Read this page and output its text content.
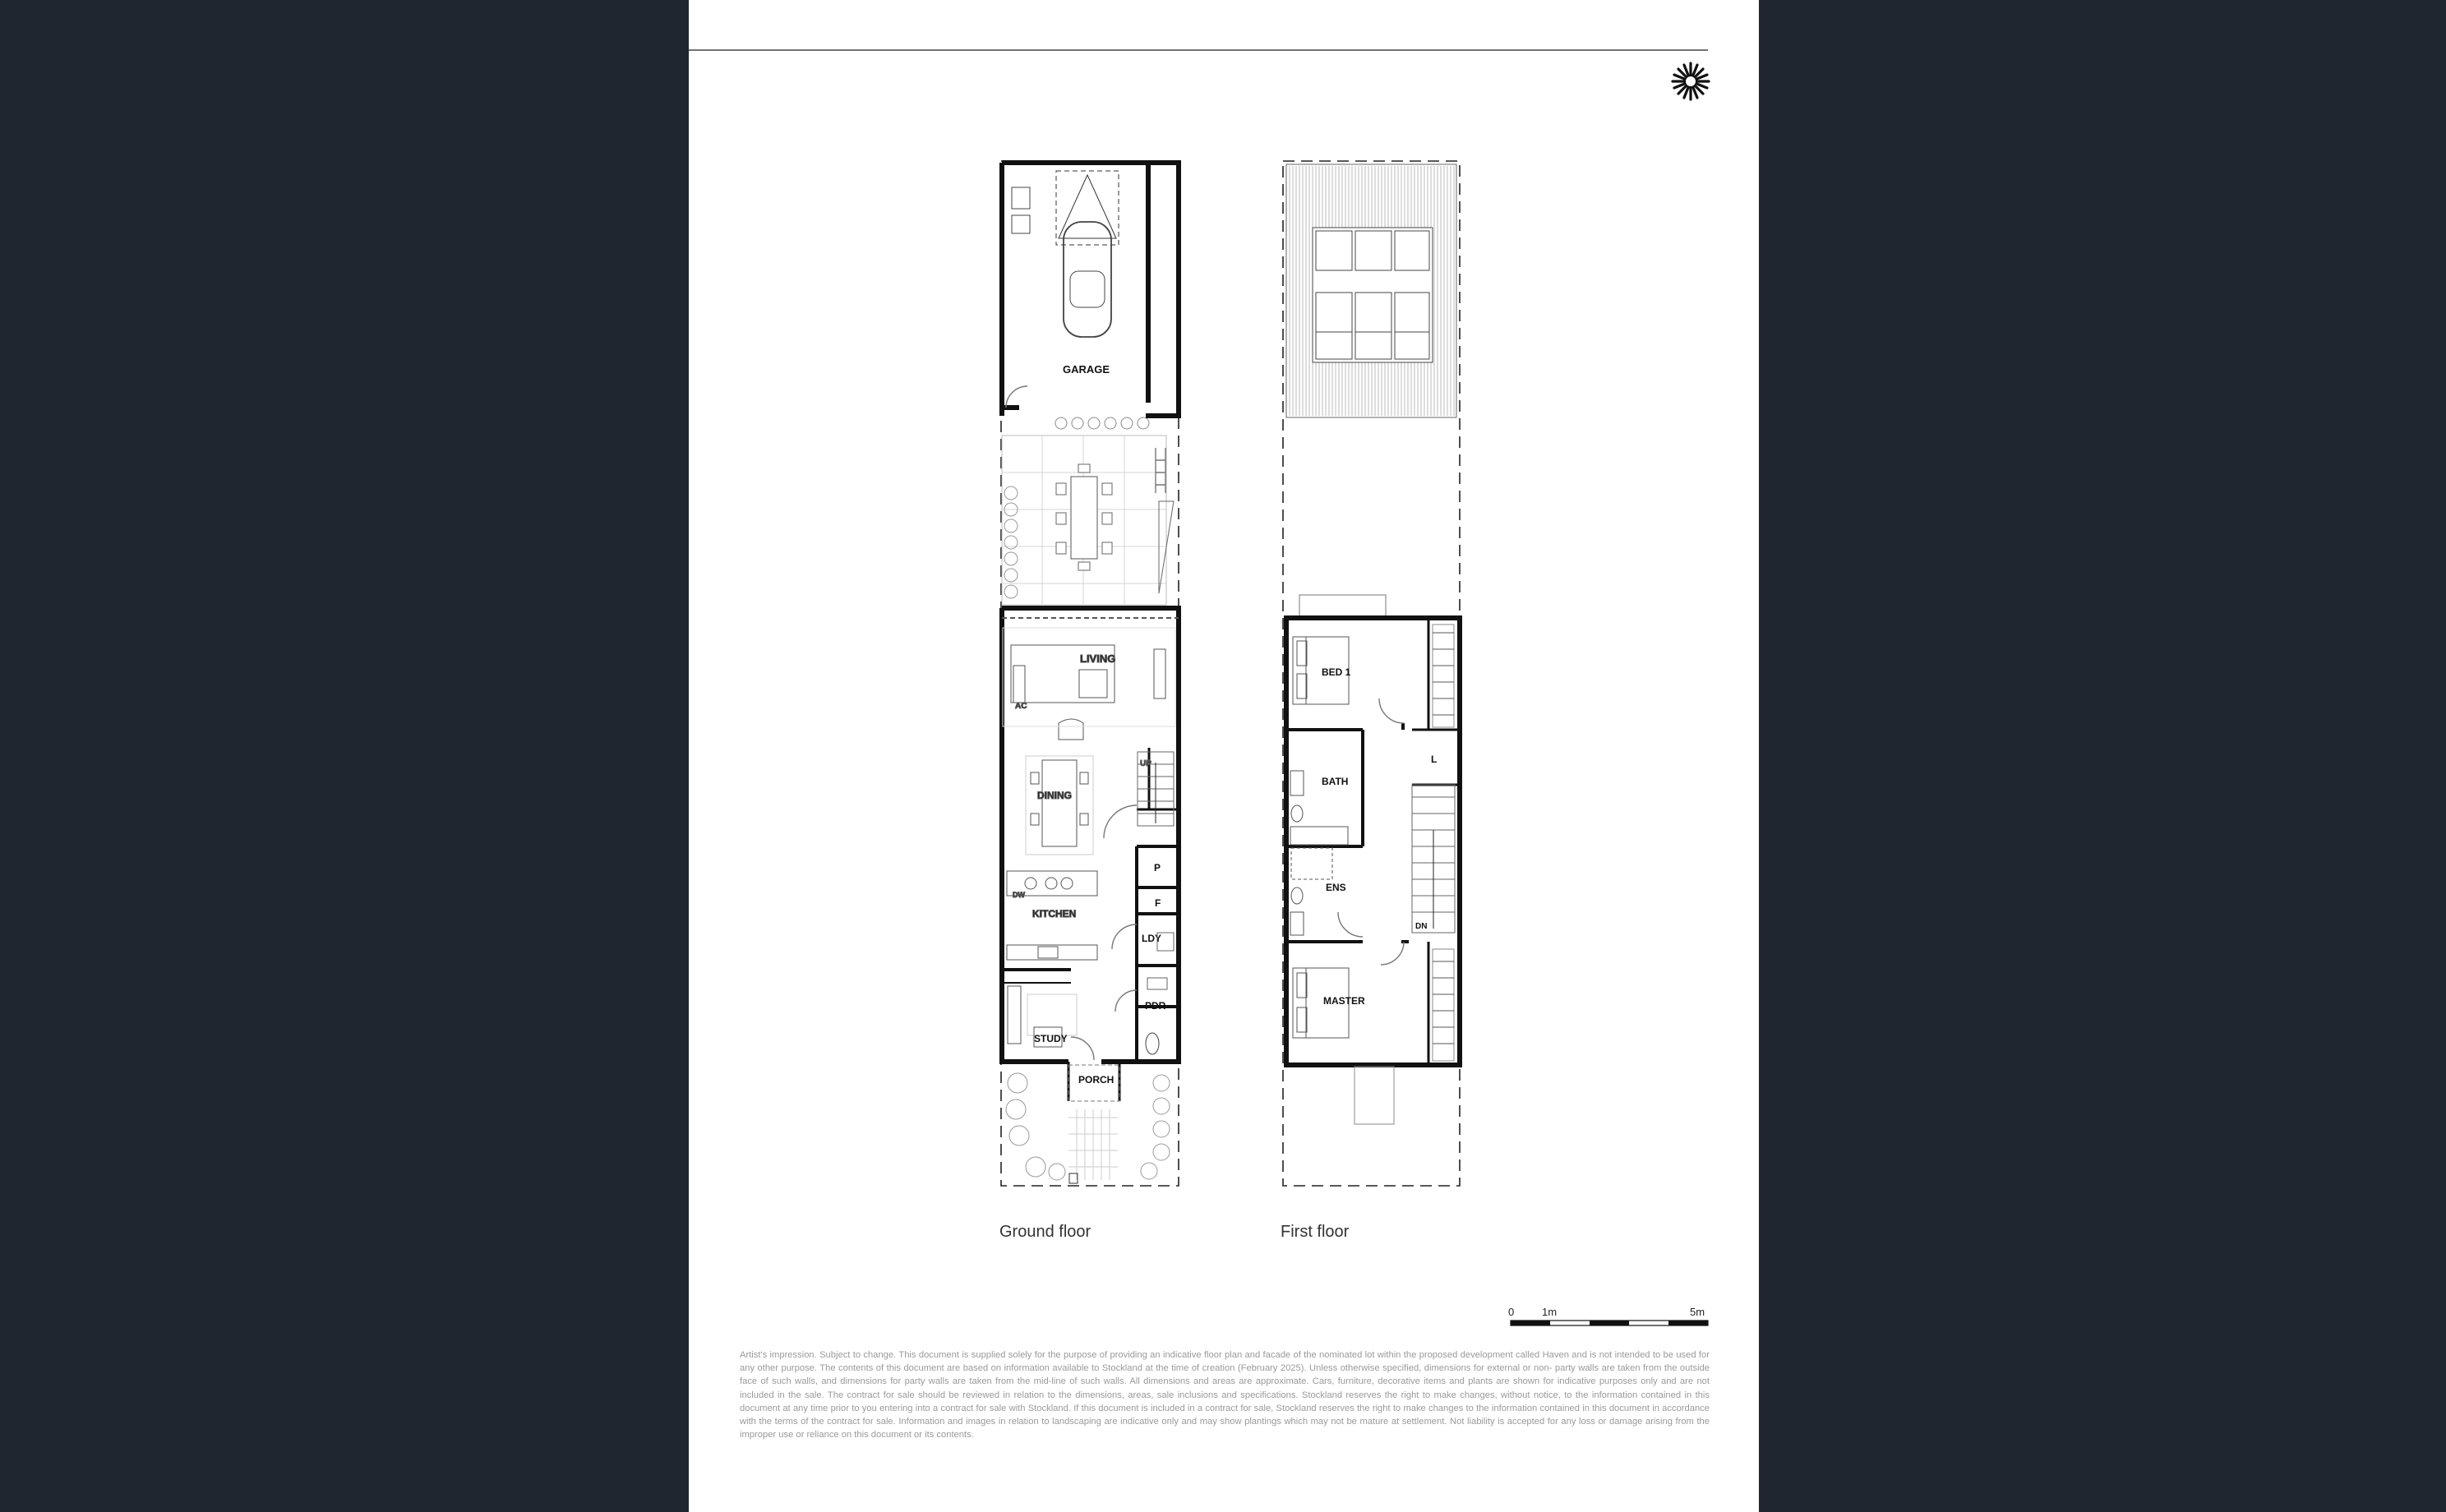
GARAGE
LIVING
AC
DINING
UP
DW
KITCHEN
P
F
LDY
PDR
STUDY
PORCH
BED 1
BATH
L
DN
ENS
MASTER
Ground floor	First floor
0	1m	5m
Artist's impression. Subject to change. This document is supplied solely for the purpose of providing an indicative floor plan and facade of the nominated lot within the proposed development called Haven and is not intended to be used for any other purpose. The contents of this document are based on information available to Stockland at the time of creation (February 2025). Unless otherwise specified, dimensions for external or non- party walls are taken from the outside face of such walls, and dimensions for party walls are taken from the mid-line of such walls. All dimensions and areas are approximate. Cars, furniture, decorative items and plants are shown for indicative purposes only and are not included in the sale. The contract for sale should be reviewed in relation to the dimensions, areas, sale inclusions and specifications. Stockland reserves the right to make changes, without notice, to the information contained in this document at any time prior to you entering into a contract for sale with Stockland. If this document is included in a contract for sale, Stockland reserves the right to make changes to the information contained in this document in accordance with the terms of the contract for sale. Information and images in relation to landscaping are indicative only and may show plantings which may not be mature at settlement. Not liability is accepted for any loss or damage arising from the improper use or reliance on this document or its contents.
